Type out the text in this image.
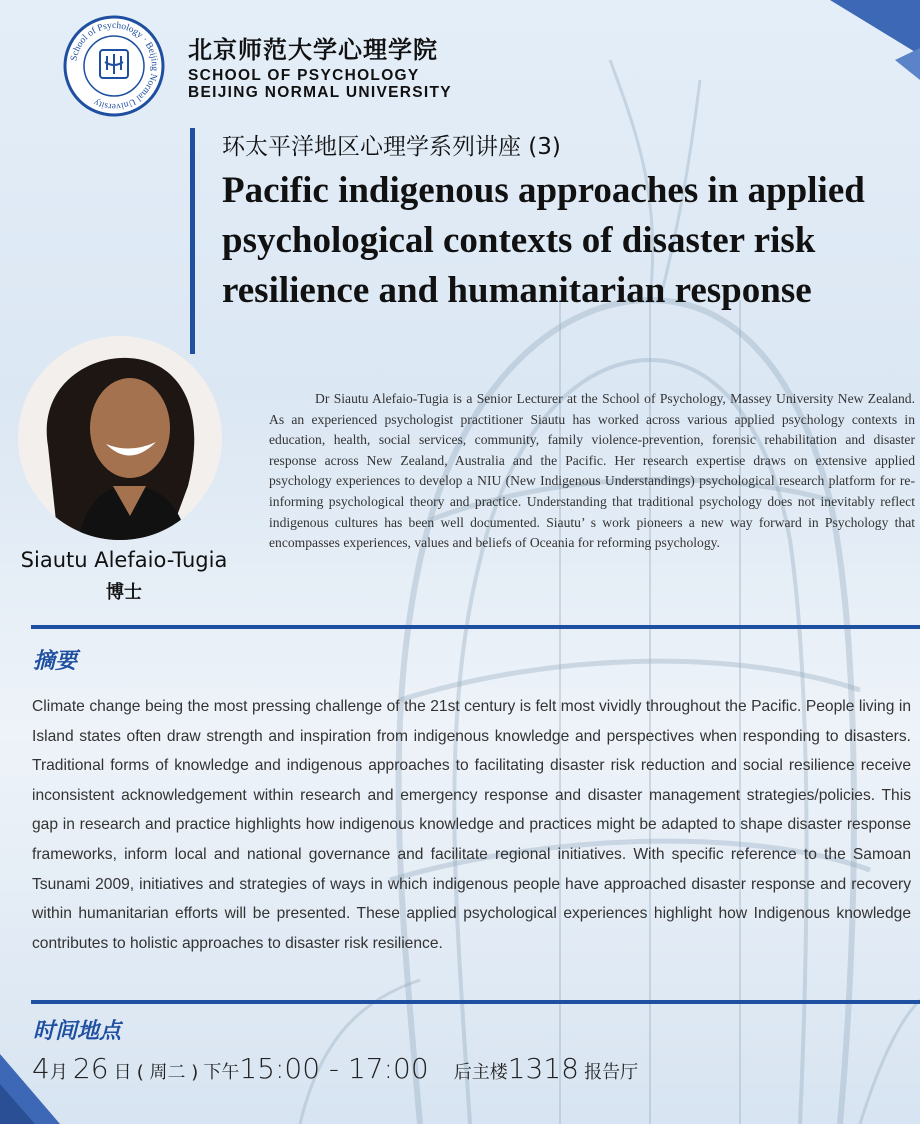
School of Psychology · Beijing Normal University
北京师范大学心理学院
SCHOOL OF PSYCHOLOGY
BEIJING NORMAL UNIVERSITY
环太平洋地区心理学系列讲座 (3)
Pacific indigenous approaches in applied psychological contexts of disaster risk resilience and humanitarian response
Siautu Alefaio-Tugia
博士
Dr Siautu Alefaio-Tugia is a Senior Lecturer at the School of Psychology, Massey University New Zealand. As an experienced psychologist practitioner Siautu has worked across various applied psychology contexts in education, health, social services, community, family violence-prevention, forensic rehabilitation and disaster response across New Zealand, Australia and the Pacific. Her research expertise draws on extensive applied psychology experiences to develop a NIU (New Indigenous Understandings) psychological research platform for re-informing psychological theory and practice. Understanding that traditional psychology does not inevitably reflect indigenous cultures has been well documented. Siautu’ s work pioneers a new way forward in Psychology that encompasses experiences, values and beliefs of Oceania for reforming psychology.
摘要
Climate change being the most pressing challenge of the 21st century is felt most vividly throughout the Pacific. People living in Island states often draw strength and inspiration from indigenous knowledge and perspectives when responding to disasters. Traditional forms of knowledge and indigenous approaches to facilitating disaster risk reduction and social resilience receive inconsistent acknowledgement within research and emergency response and disaster management strategies/policies. This gap in research and practice highlights how indigenous knowledge and practices might be adapted to shape disaster response frameworks, inform local and national governance and facilitate regional initiatives. With specific reference to the Samoan Tsunami 2009, initiatives and strategies of ways in which indigenous people have approached disaster response and recovery within humanitarian efforts will be presented. These applied psychological experiences highlight how Indigenous knowledge contributes to holistic approaches to disaster risk resilience.
时间地点
4月 26 日 ( 周二 ) 下午15:00 - 17:00 后主楼1318 报告厅
